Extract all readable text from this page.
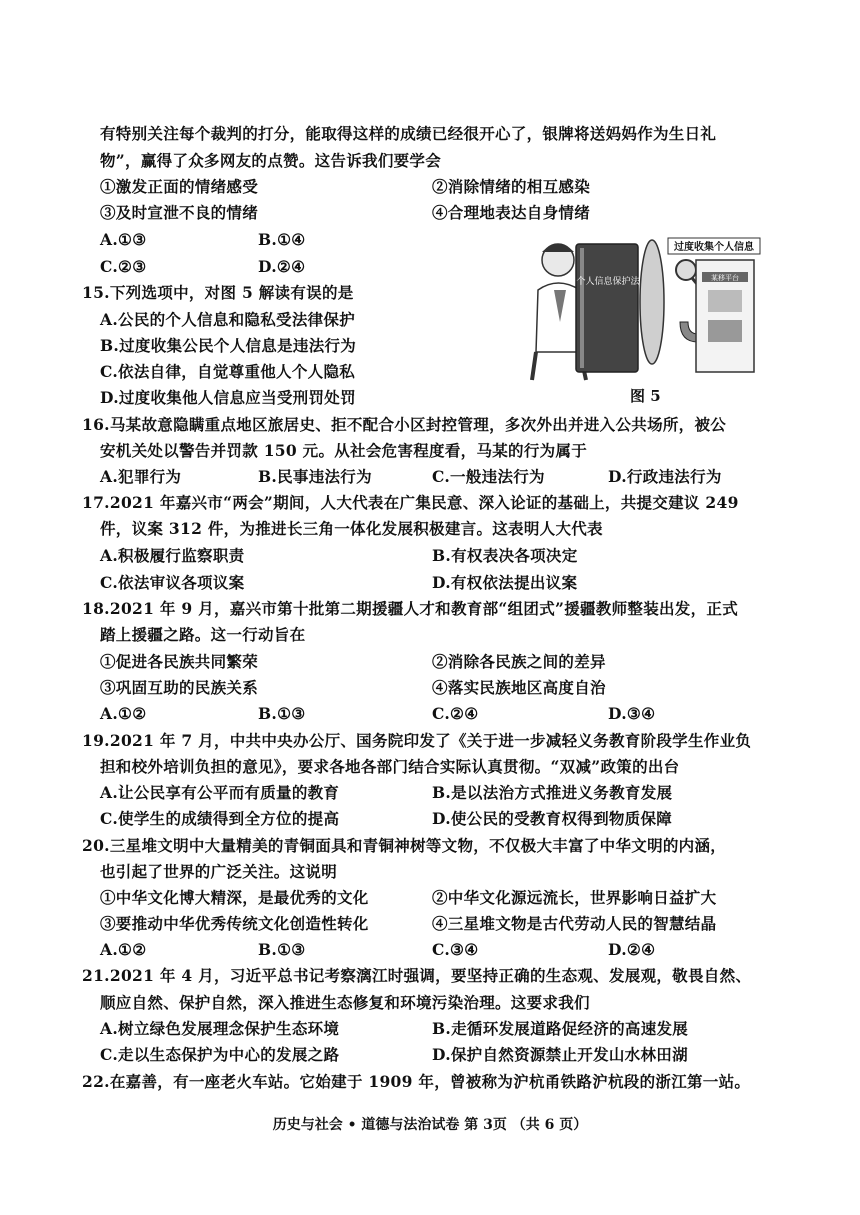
有特别关注每个裁判的打分，能取得这样的成绩已经很开心了，银牌将送妈妈作为生日礼
物”，赢得了众多网友的点赞。这告诉我们要学会
①激发正面的情绪感受	②消除情绪的相互感染
③及时宣泄不良的情绪	④合理地表达自身情绪
A.①③	B.①④
C.②③	D.②④
15.下列选项中，对图 5 解读有误的是
A.公民的个人信息和隐私受法律保护
B.过度收集公民个人信息是违法行为
C.依法自律，自觉尊重他人个人隐私
D.过度收集他人信息应当受刑罚处罚
个人信息保护法	某移平台
过度收集个人信息
图 5
16.马某故意隐瞒重点地区旅居史、拒不配合小区封控管理，多次外出并进入公共场所，被公
安机关处以警告并罚款 150 元。从社会危害程度看，马某的行为属于
A.犯罪行为	B.民事违法行为	C.一般违法行为	D.行政违法行为
17.2021 年嘉兴市“两会”期间，人大代表在广集民意、深入论证的基础上，共提交建议 249
件，议案 312 件，为推进长三角一体化发展积极建言。这表明人大代表
A.积极履行监察职责	B.有权表决各项决定
C.依法审议各项议案	D.有权依法提出议案
18.2021 年 9 月，嘉兴市第十批第二期援疆人才和教育部“组团式”援疆教师整装出发，正式
踏上援疆之路。这一行动旨在
①促进各民族共同繁荣	②消除各民族之间的差异
③巩固互助的民族关系	④落实民族地区高度自治
A.①②	B.①③	C.②④	D.③④
19.2021 年 7 月，中共中央办公厅、国务院印发了《关于进一步减轻义务教育阶段学生作业负
担和校外培训负担的意见》，要求各地各部门结合实际认真贯彻。“双减”政策的出台
A.让公民享有公平而有质量的教育	B.是以法治方式推进义务教育发展
C.使学生的成绩得到全方位的提高	D.使公民的受教育权得到物质保障
20.三星堆文明中大量精美的青铜面具和青铜神树等文物，不仅极大丰富了中华文明的内涵，
也引起了世界的广泛关注。这说明
①中华文化博大精深，是最优秀的文化	②中华文化源远流长，世界影响日益扩大
③要推动中华优秀传统文化创造性转化	④三星堆文物是古代劳动人民的智慧结晶
A.①②	B.①③	C.③④	D.②④
21.2021 年 4 月，习近平总书记考察漓江时强调，要坚持正确的生态观、发展观，敬畏自然、
顺应自然、保护自然，深入推进生态修复和环境污染治理。这要求我们
A.树立绿色发展理念保护生态环境	B.走循环发展道路促经济的高速发展
C.走以生态保护为中心的发展之路	D.保护自然资源禁止开发山水林田湖
22.在嘉善，有一座老火车站。它始建于 1909 年，曾被称为沪杭甬铁路沪杭段的浙江第一站。
历史与社会 • 道德与法治试卷 第 3页 （共 6 页）
